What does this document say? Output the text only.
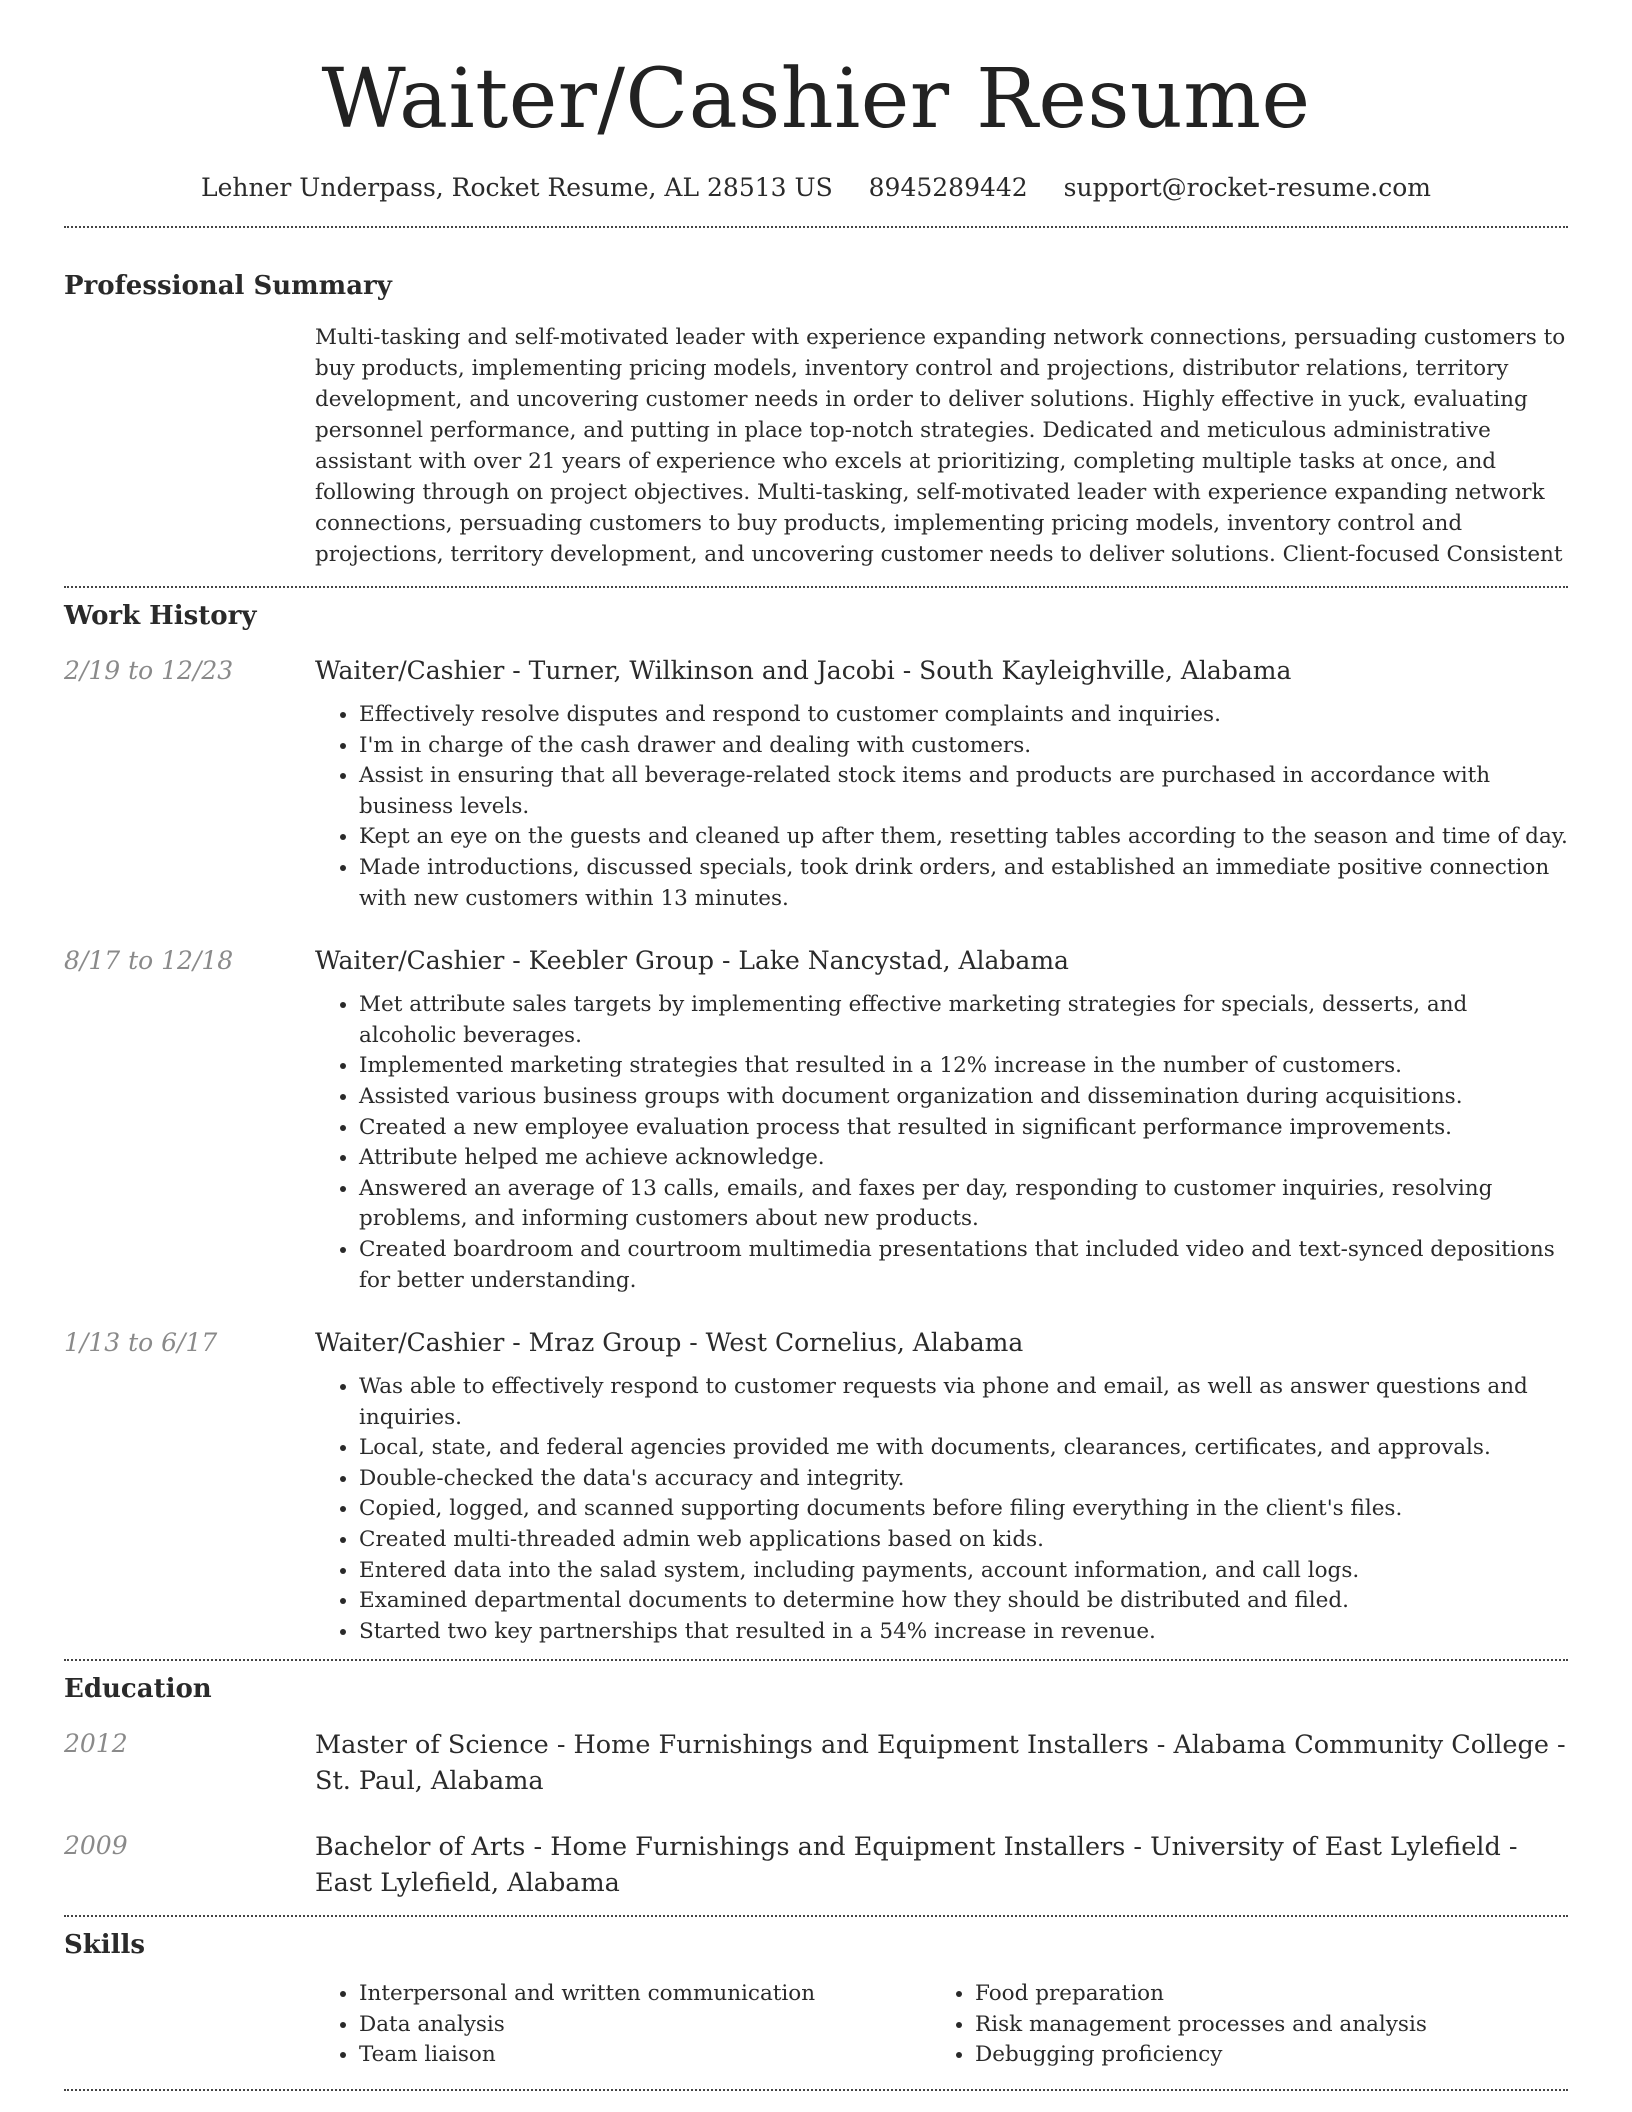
Waiter/Cashier Resume
Lehner Underpass, Rocket Resume, AL 28513 US 8945289442 support@rocket-resume.com
Professional Summary

Multi-tasking and self-motivated leader with experience expanding network connections, persuading customers to buy products, implementing pricing models, inventory control and projections, distributor relations, territory development, and uncovering customer needs in order to deliver solutions. Highly effective in yuck, evaluating personnel performance, and putting in place top-notch strategies. Dedicated and meticulous administrative assistant with over 21 years of experience who excels at prioritizing, completing multiple tasks at once, and following through on project objectives. Multi-tasking, self-motivated leader with experience expanding network connections, persuading customers to buy products, implementing pricing models, inventory control and projections, territory development, and uncovering customer needs to deliver solutions. Client-focused Consistent

Work History
2/19 to 12/23	Waiter/Cashier - Turner, Wilkinson and Jacobi - South Kayleighville, Alabama

• Effectively resolve disputes and respond to customer complaints and inquiries.
• I'm in charge of the cash drawer and dealing with customers.
• Assist in ensuring that all beverage-related stock items and products are purchased in accordance with business levels.
• Kept an eye on the guests and cleaned up after them, resetting tables according to the season and time of day.
• Made introductions, discussed specials, took drink orders, and established an immediate positive connection with new customers within 13 minutes.
8/17 to 12/18	Waiter/Cashier - Keebler Group - Lake Nancystad, Alabama

• Met attribute sales targets by implementing effective marketing strategies for specials, desserts, and alcoholic beverages.
• Implemented marketing strategies that resulted in a 12% increase in the number of customers.
• Assisted various business groups with document organization and dissemination during acquisitions.
• Created a new employee evaluation process that resulted in significant performance improvements.
• Attribute helped me achieve acknowledge.
• Answered an average of 13 calls, emails, and faxes per day, responding to customer inquiries, resolving problems, and informing customers about new products.
• Created boardroom and courtroom multimedia presentations that included video and text-synced depositions for better understanding.
1/13 to 6/17	Waiter/Cashier - Mraz Group - West Cornelius, Alabama

• Was able to effectively respond to customer requests via phone and email, as well as answer questions and inquiries.
• Local, state, and federal agencies provided me with documents, clearances, certificates, and approvals.
• Double-checked the data's accuracy and integrity.
• Copied, logged, and scanned supporting documents before filing everything in the client's files.
• Created multi-threaded admin web applications based on kids.
• Entered data into the salad system, including payments, account information, and call logs.
• Examined departmental documents to determine how they should be distributed and filed.
• Started two key partnerships that resulted in a 54% increase in revenue.
Education
2012	Master of Science - Home Furnishings and Equipment Installers - Alabama Community College - St. Paul, Alabama

2009	Bachelor of Arts - Home Furnishings and Equipment Installers - University of East Lylefield - East Lylefield, Alabama

Skills
• Interpersonal and written communication
• Data analysis
• Team liaison
• Food preparation
• Risk management processes and analysis
• Debugging proficiency
